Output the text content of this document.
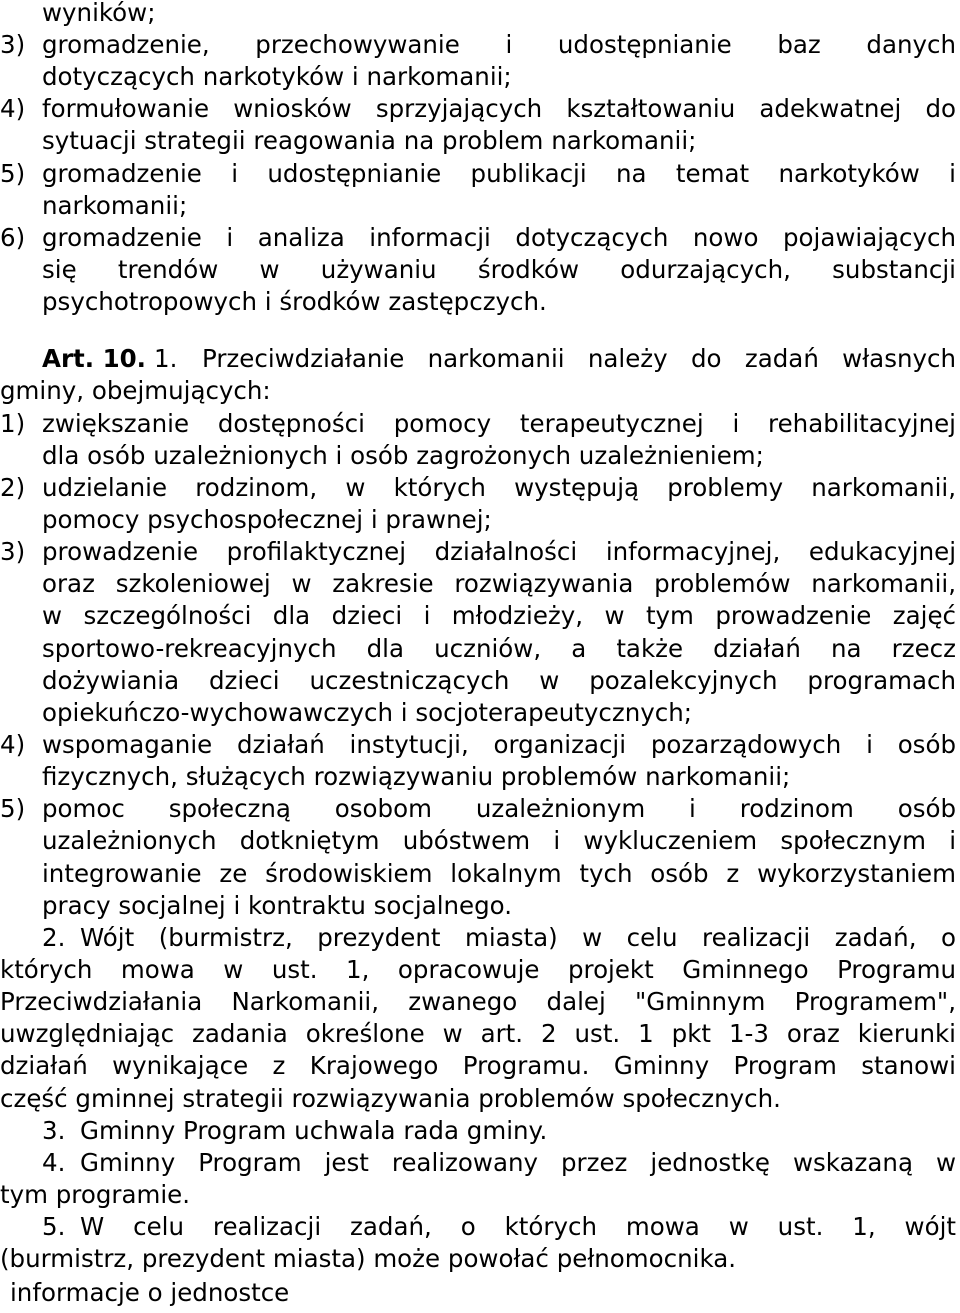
wyników;
3) gromadzenie, przechowywanie i udostępnianie baz danych
dotyczących narkotyków i narkomanii;
4) formułowanie wniosków sprzyjających kształtowaniu adekwatnej do
sytuacji strategii reagowania na problem narkomanii;
5) gromadzenie i udostępnianie publikacji na temat narkotyków i
narkomanii;
6) gromadzenie i analiza informacji dotyczących nowo pojawiających
się trendów w używaniu środków odurzających, substancji
psychotropowych i środków zastępczych.
Art. 10. 1.	Przeciwdziałanie narkomanii należy do zadań własnych
gminy, obejmujących:
1) zwiększanie dostępności pomocy terapeutycznej i rehabilitacyjnej
dla osób uzależnionych i osób zagrożonych uzależnieniem;
2) udzielanie rodzinom, w których występują problemy narkomanii,
pomocy psychospołecznej i prawnej;
3) prowadzenie profilaktycznej działalności informacyjnej, edukacyjnej
oraz szkoleniowej w zakresie rozwiązywania problemów narkomanii,
w szczególności dla dzieci i młodzieży, w tym prowadzenie zajęć
sportowo-rekreacyjnych dla uczniów, a także działań na rzecz
dożywiania dzieci uczestniczących w pozalekcyjnych programach
opiekuńczo-wychowawczych i socjoterapeutycznych;
4) wspomaganie działań instytucji, organizacji pozarządowych i osób
fizycznych, służących rozwiązywaniu problemów narkomanii;
5) pomoc społeczną osobom uzależnionym i rodzinom osób
uzależnionych dotkniętym ubóstwem i wykluczeniem społecznym i
integrowanie ze środowiskiem lokalnym tych osób z wykorzystaniem
pracy socjalnej i kontraktu socjalnego.
2. Wójt (burmistrz, prezydent miasta) w celu realizacji zadań, o
których mowa w ust. 1, opracowuje projekt Gminnego Programu
Przeciwdziałania Narkomanii, zwanego dalej "Gminnym Programem",
uwzględniając zadania określone w art. 2 ust. 1 pkt 1-3 oraz kierunki
działań wynikające z Krajowego Programu. Gminny Program stanowi
część gminnej strategii rozwiązywania problemów społecznych.
3. Gminny Program uchwala rada gminy.
4. Gminny Program jest realizowany przez jednostkę wskazaną w
tym programie.
5. W celu realizacji zadań, o których mowa w ust. 1, wójt
(burmistrz, prezydent miasta) może powołać pełnomocnika.
informacje o jednostce
